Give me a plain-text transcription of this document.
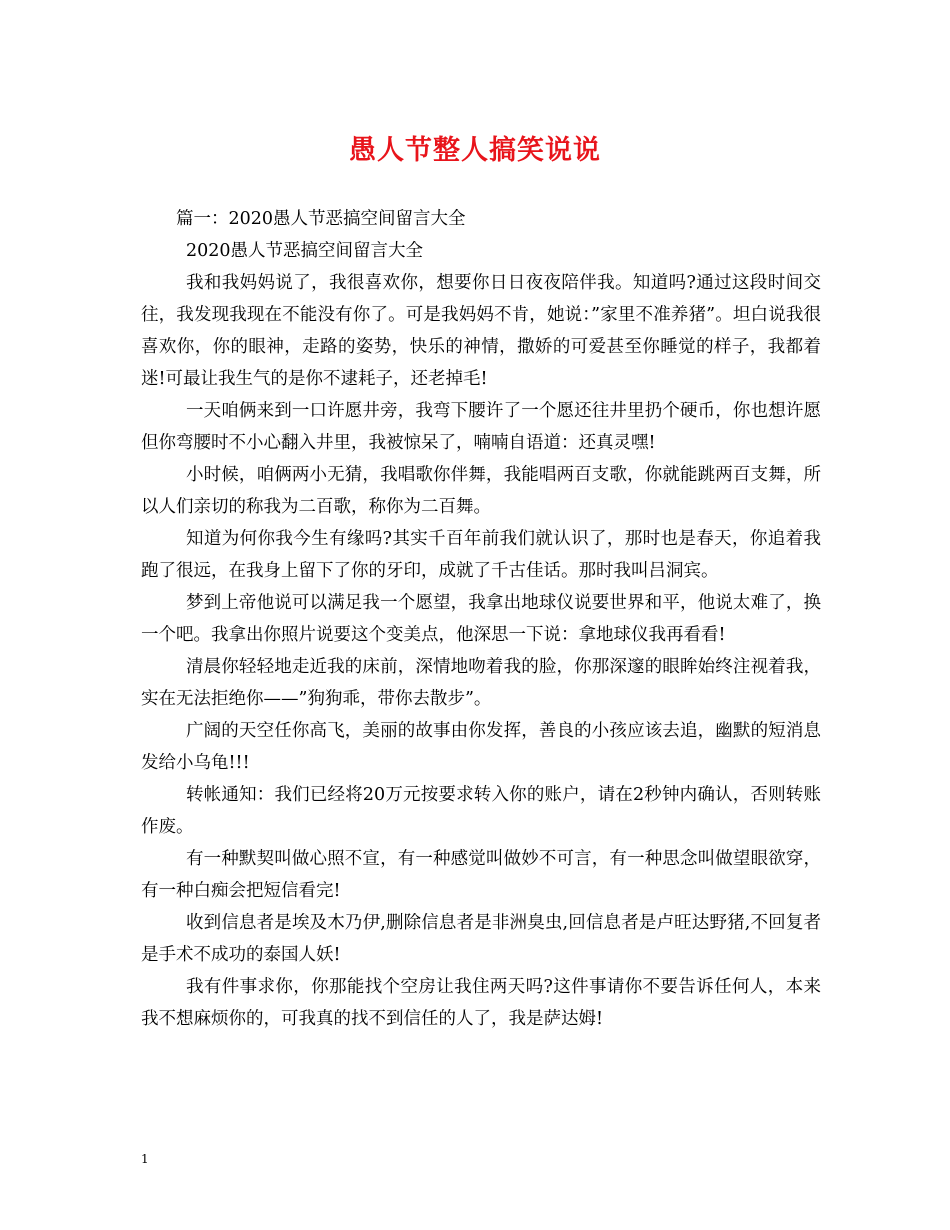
愚人节整人搞笑说说
篇一：2020愚人节恶搞空间留言大全
2020愚人节恶搞空间留言大全
我和我妈妈说了，我很喜欢你，想要你日日夜夜陪伴我。知道吗?通过这段时间交往，我发现我现在不能没有你了。可是我妈妈不肯，她说：”家里不准养猪”。坦白说我很喜欢你，你的眼神，走路的姿势，快乐的神情，撒娇的可爱甚至你睡觉的样子，我都着迷!可最让我生气的是你不逮耗子，还老掉毛!
一天咱俩来到一口许愿井旁，我弯下腰许了一个愿还往井里扔个硬币，你也想许愿但你弯腰时不小心翻入井里，我被惊呆了，喃喃自语道：还真灵嘿!
小时候，咱俩两小无猜，我唱歌你伴舞，我能唱两百支歌，你就能跳两百支舞，所以人们亲切的称我为二百歌，称你为二百舞。
知道为何你我今生有缘吗?其实千百年前我们就认识了，那时也是春天，你追着我跑了很远，在我身上留下了你的牙印，成就了千古佳话。那时我叫吕洞宾。
梦到上帝他说可以满足我一个愿望，我拿出地球仪说要世界和平，他说太难了，换一个吧。我拿出你照片说要这个变美点，他深思一下说：拿地球仪我再看看!
清晨你轻轻地走近我的床前，深情地吻着我的脸，你那深邃的眼眸始终注视着我，实在无法拒绝你——”狗狗乖，带你去散步”。
广阔的天空任你高飞，美丽的故事由你发挥，善良的小孩应该去追，幽默的短消息发给小乌龟!!!
转帐通知：我们已经将20万元按要求转入你的账户，请在2秒钟内确认，否则转账作废。
有一种默契叫做心照不宣，有一种感觉叫做妙不可言，有一种思念叫做望眼欲穿，有一种白痴会把短信看完!
收到信息者是埃及木乃伊,删除信息者是非洲臭虫,回信息者是卢旺达野猪,不回复者是手术不成功的泰国人妖!
我有件事求你，你那能找个空房让我住两天吗?这件事请你不要告诉任何人，本来我不想麻烦你的，可我真的找不到信任的人了，我是萨达姆!
1
